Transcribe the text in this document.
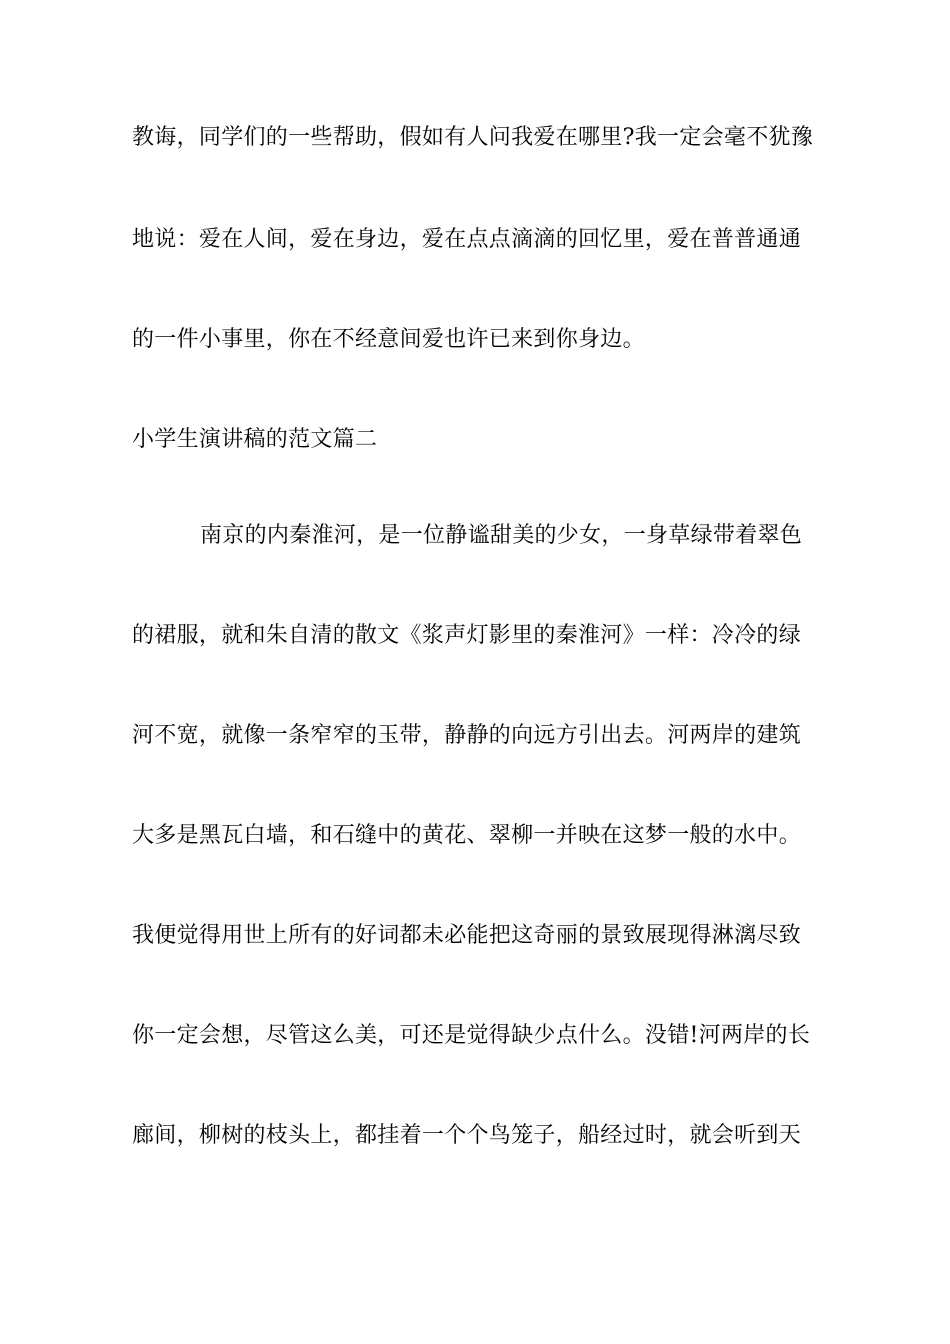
教诲，同学们的一些帮助，假如有人问我爱在哪里?我一定会毫不犹豫
地说：爱在人间，爱在身边，爱在点点滴滴的回忆里，爱在普普通通
的一件小事里，你在不经意间爱也许已来到你身边。
小学生演讲稿的范文篇二
南京的内秦淮河，是一位静谧甜美的少女，一身草绿带着翠色
的裙服，就和朱自清的散文《浆声灯影里的秦淮河》一样：冷冷的绿
河不宽，就像一条窄窄的玉带，静静的向远方引出去。河两岸的建筑
大多是黑瓦白墙，和石缝中的黄花、翠柳一并映在这梦一般的水中。
我便觉得用世上所有的好词都未必能把这奇丽的景致展现得淋漓尽致
你一定会想，尽管这么美，可还是觉得缺少点什么。没错!河两岸的长
廊间，柳树的枝头上，都挂着一个个鸟笼子，船经过时，就会听到天
